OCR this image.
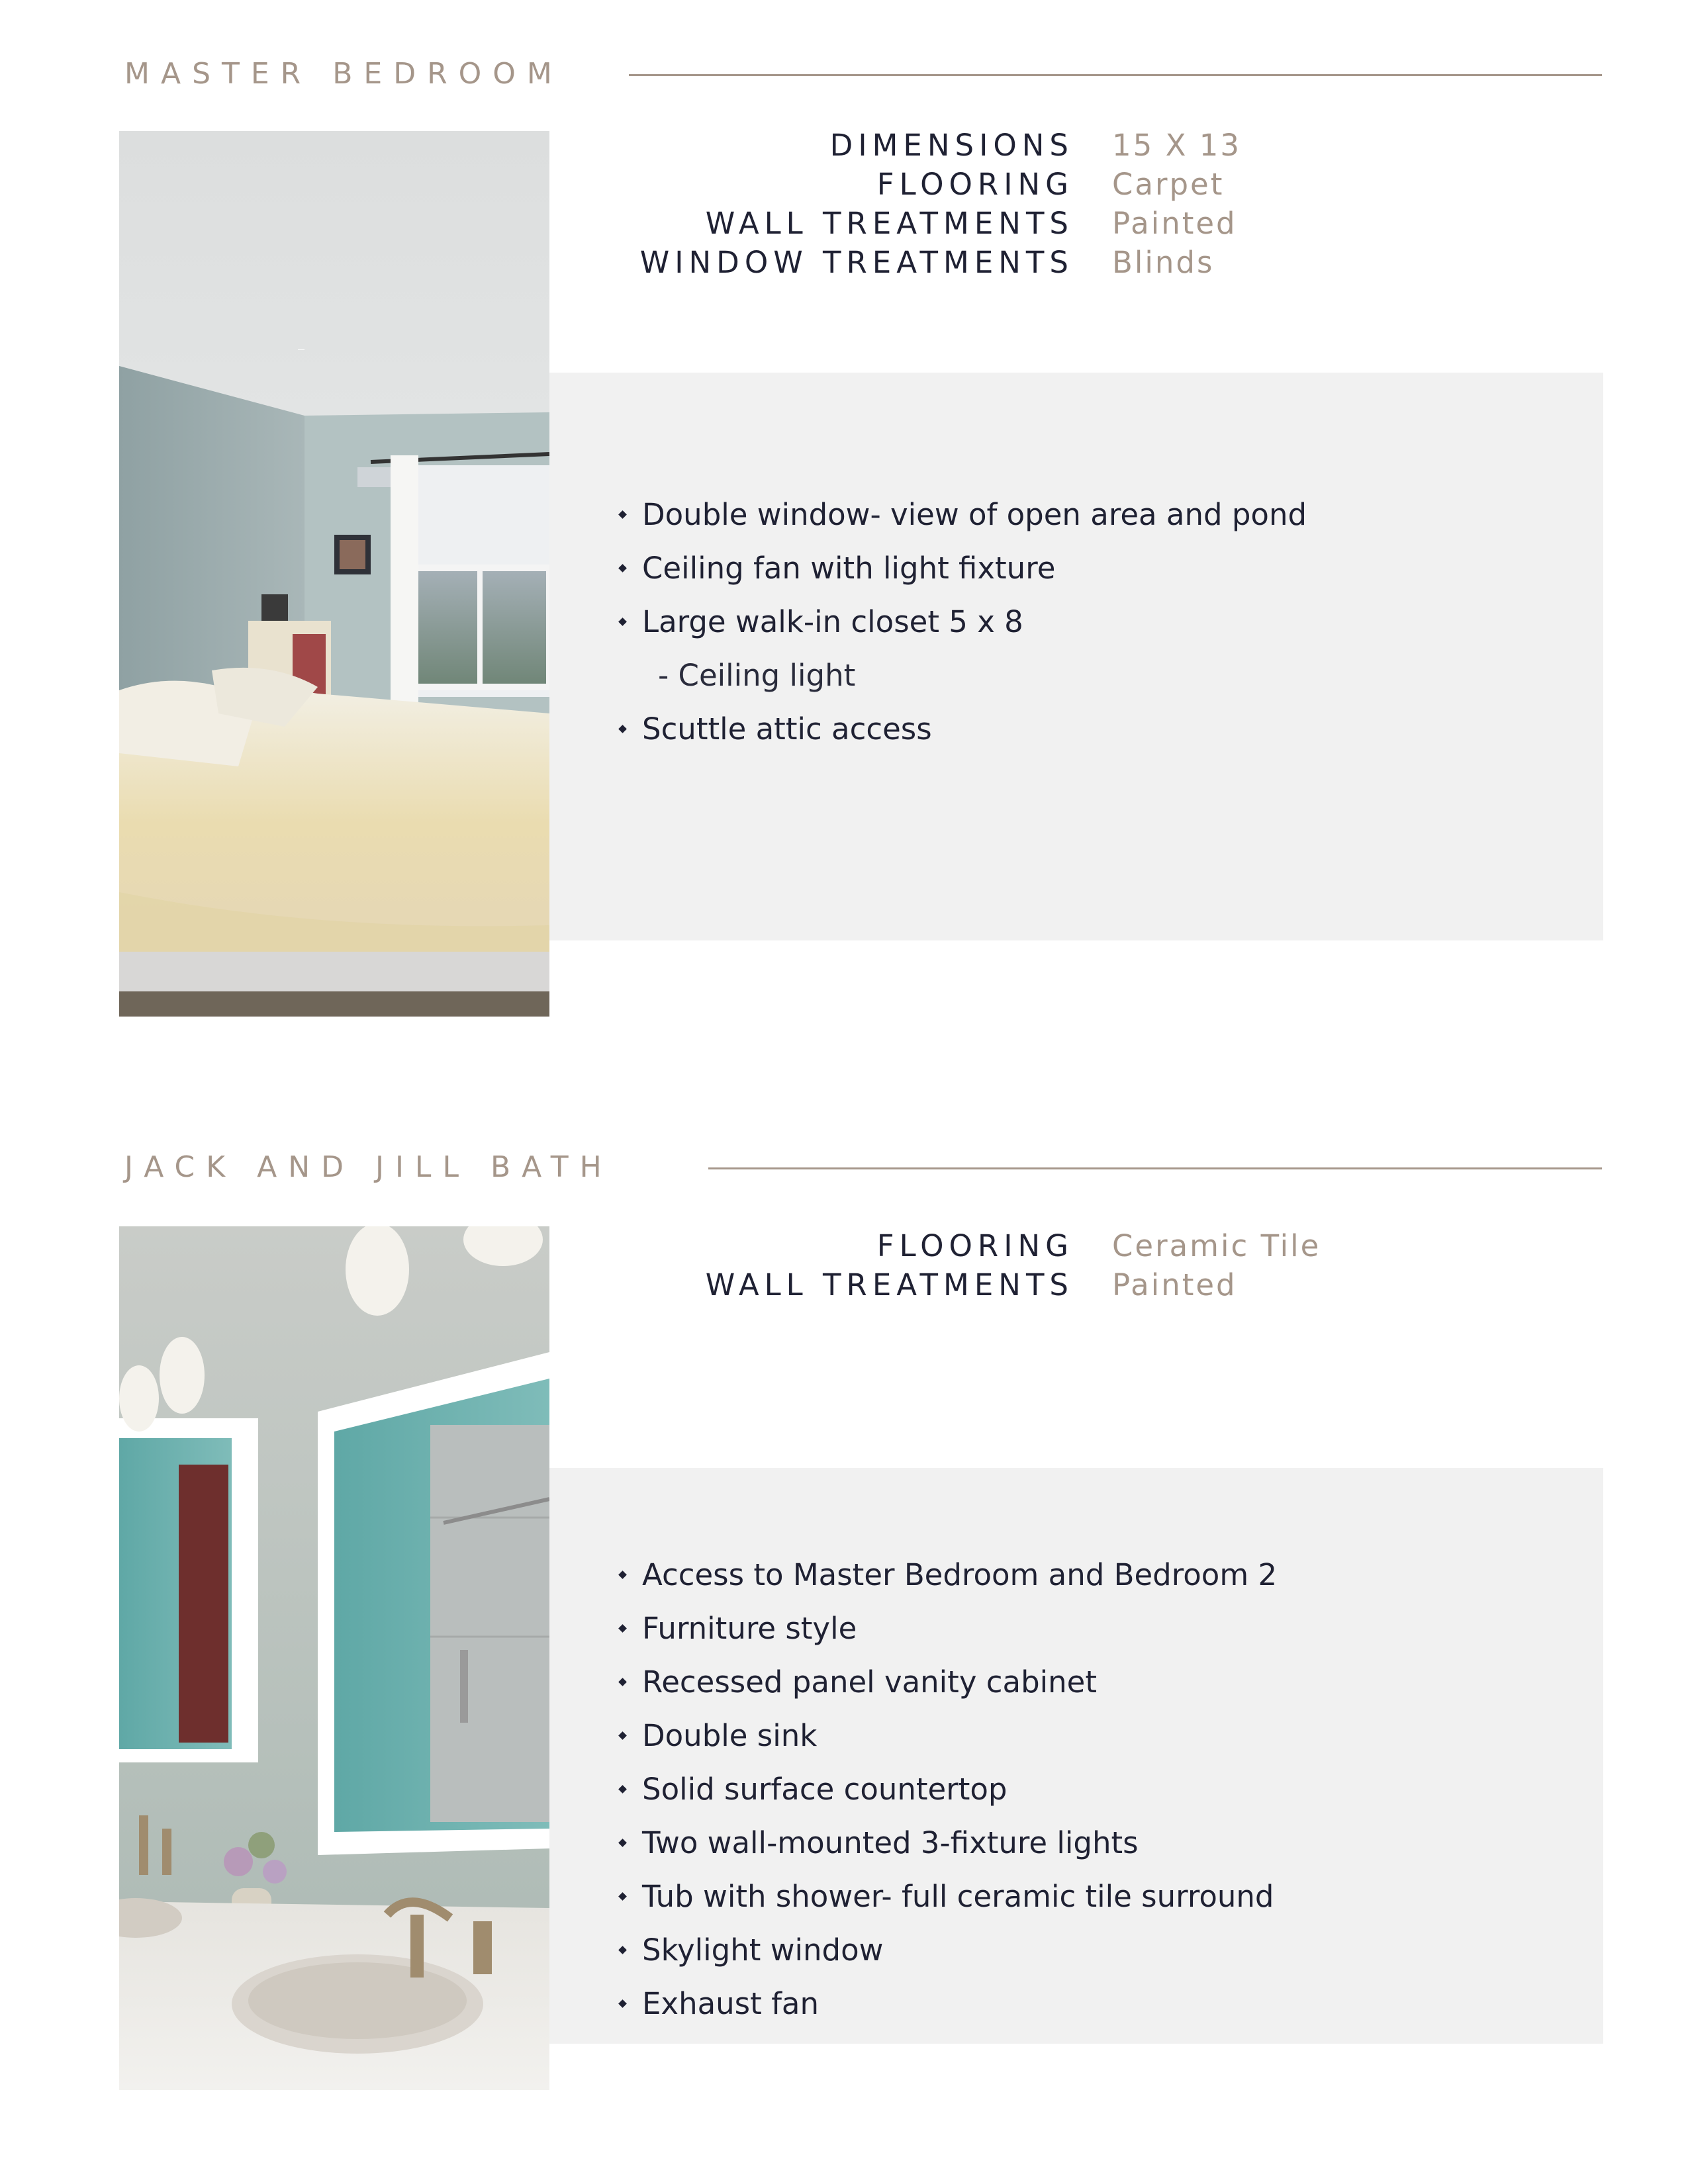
MASTER BEDROOM
DIMENSIONS	15 X 13
FLOORING	Carpet
WALL TREATMENTS	Painted
WINDOW TREATMENTS	Blinds
Double window- view of open area and pond
Ceiling fan with light fixture
Large walk-in closet 5 x 8
- Ceiling light
Scuttle attic access
JACK AND JILL BATH
FLOORING	Ceramic Tile
WALL TREATMENTS	Painted
Access to Master Bedroom and Bedroom 2
Furniture style
Recessed panel vanity cabinet
Double sink
Solid surface countertop
Two wall-mounted 3-fixture lights
Tub with shower- full ceramic tile surround
Skylight window
Exhaust fan
